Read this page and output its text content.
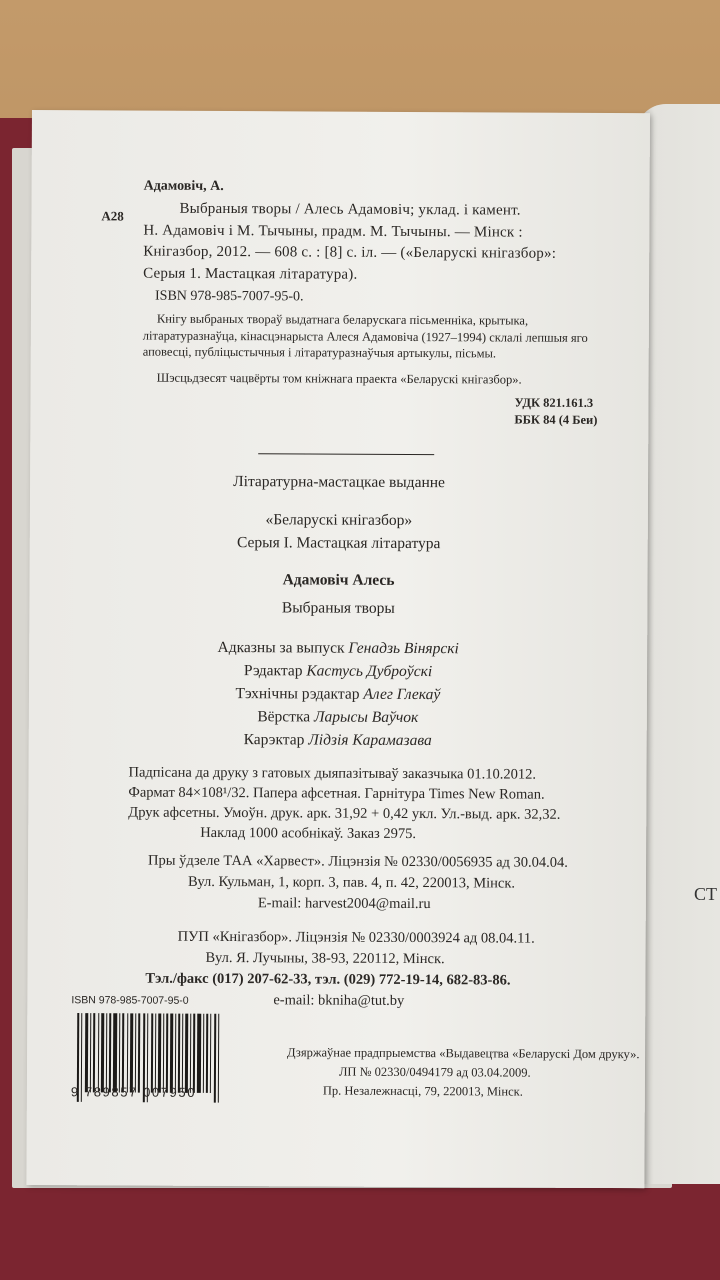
СТ
А28
Адамовiч, А.
Выбраныя творы / Алесь Адамовiч; уклад. i камент.
Н. Адамовiч i М. Тычыны, прадм. М. Тычыны. — Мiнск :
Кнiгазбор, 2012. — 608 с. : [8] с. iл. — («Беларускi кнiгазбор»:
Серыя 1. Мастацкая лiтаратура).
ISBN 978-985-7007-95-0.
Кнiгу выбраных твораў выдатнага беларускага пiсьменнiка, крытыка, лiтаратуразнаўца, кiнасцэнарыста Алеся Адамовiча (1927–1994) склалi лепшыя яго аповесцi, публiцыстычныя i лiтаратуразнаўчыя артыкулы, пiсьмы.
Шэсцьдзесят чацвёрты том кнiжнага праекта «Беларускi кнiгазбор».
УДК 821.161.3
ББК 84 (4 Беи)
Лiтаратурна-мастацкае выданне
«Беларускi кнiгазбор»
Серыя I. Мастацкая лiтаратура
Адамовiч Алесь
Выбраныя творы
Адказны за выпуск Генадзь Вiнярскi
Рэдактар Кастусь Дуброўскi
Тэхнiчны рэдактар Алег Глекаў
Вёрстка Ларысы Ваўчок
Карэктар Лiдзiя Карамазава
Падпiсана да друку з гатовых дыяпазiтываў заказчыка 01.10.2012.
Фармат 84×108¹/32. Папера афсетная. Гарнiтура Times New Roman.
Друк афсетны. Умоўн. друк. арк. 31,92 + 0,42 укл. Ул.-выд. арк. 32,32.
Наклад 1000 асобнiкаў. Заказ 2975.
Пры ўдзеле ТАА «Харвест». Лiцэнзiя № 02330/0056935 ад 30.04.04.
Вул. Кульман, 1, корп. 3, пав. 4, п. 42, 220013, Мiнск.
E-mail: harvest2004@mail.ru
ПУП «Кнiгазбор». Лiцэнзiя № 02330/0003924 ад 08.04.11.
Вул. Я. Лучыны, 38-93, 220112, Мiнск.
Тэл./факс (017) 207-62-33, тэл. (029) 772-19-14, 682-83-86.
e-mail: bkniha@tut.by
ISBN 978-985-7007-95-0
9 789857 007950
Дзяржаўнае прадпрыемства «Выдавецтва «Беларускi Дом друку».
ЛП № 02330/0494179 ад 03.04.2009.
Пр. Незалежнасцi, 79, 220013, Мiнск.
